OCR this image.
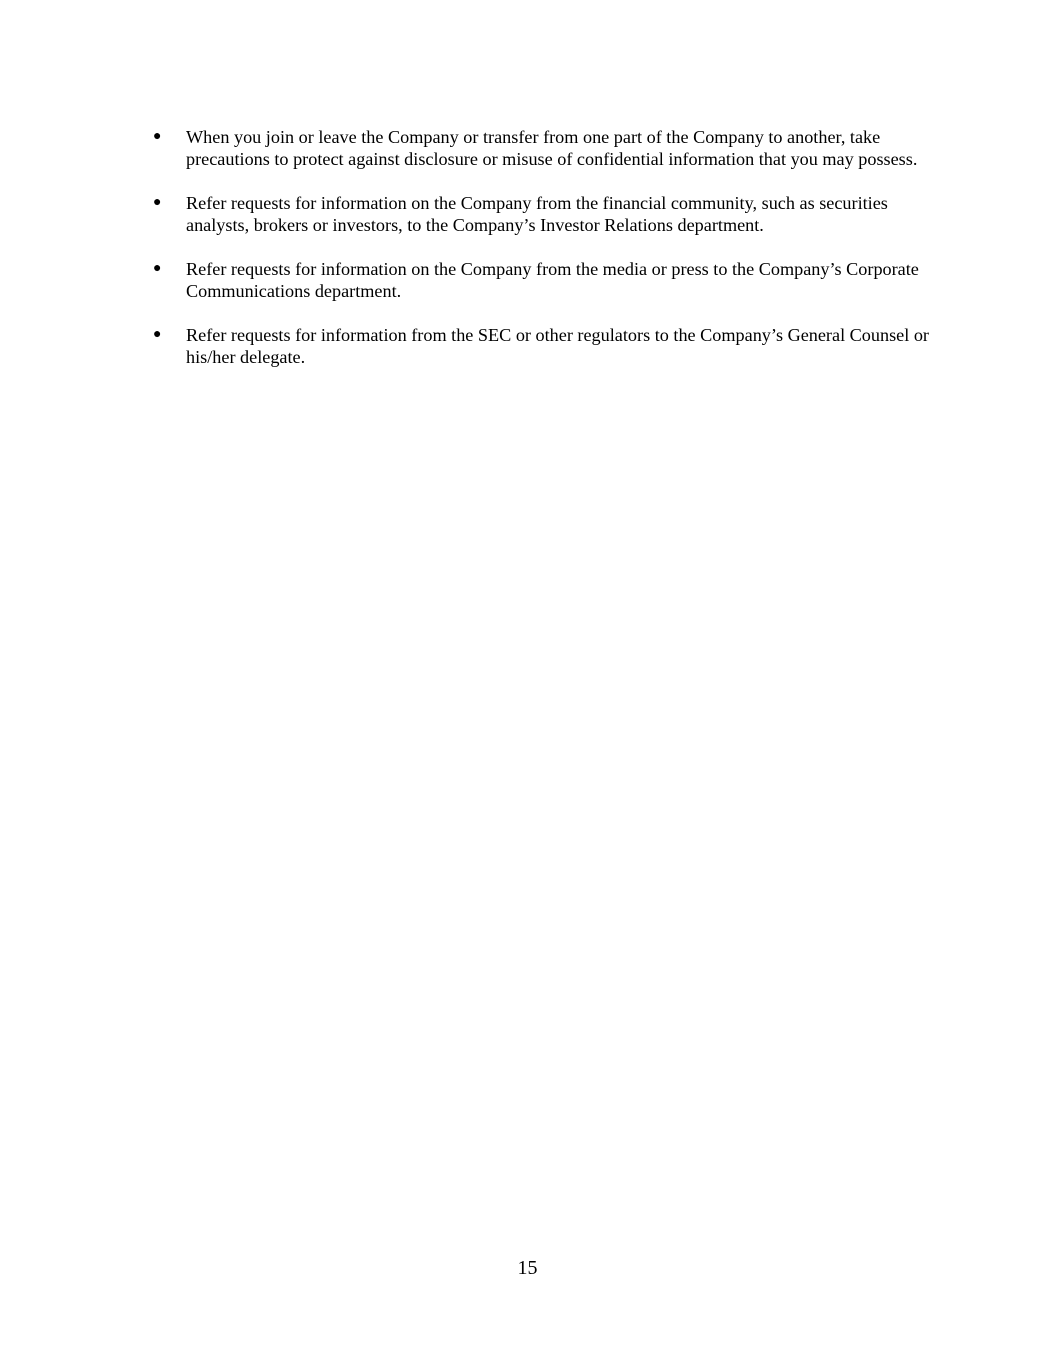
●	When you join or leave the Company or transfer from one part of the Company to another, take precautions to protect against disclosure or misuse of confidential information that you may possess.
●	Refer requests for information on the Company from the financial community, such as securities analysts, brokers or investors, to the Company’s Investor Relations department.
●	Refer requests for information on the Company from the media or press to the Company’s Corporate Communications department.
●	Refer requests for information from the SEC or other regulators to the Company’s General Counsel or his/her delegate.
15
